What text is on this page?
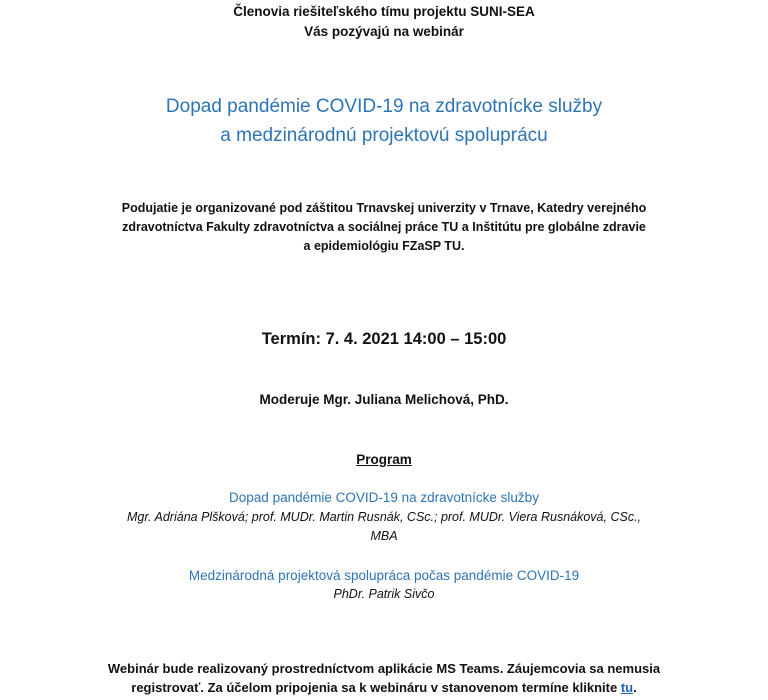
Členovia riešiteľského tímu projektu SUNI-SEA
Vás pozývajú na webinár
Dopad pandémie COVID-19 na zdravotnícke služby
a medzinárodnú projektovú spoluprácu
Podujatie je organizované pod záštitou Trnavskej univerzity v Trnave, Katedry verejného
zdravotníctva Fakulty zdravotníctva a sociálnej práce TU a Inštitútu pre globálne zdravie
a epidemiológiu FZaSP TU.
Termín: 7. 4. 2021 14:00 – 15:00
Moderuje Mgr. Juliana Melichová, PhD.
Program
Dopad pandémie COVID-19 na zdravotnícke služby
Mgr. Adriána Plšková; prof. MUDr. Martin Rusnák, CSc.; prof. MUDr. Viera Rusnáková, CSc.,
MBA
Medzinárodná projektová spolupráca počas pandémie COVID-19
PhDr. Patrik Sivčo
Webinár bude realizovaný prostredníctvom aplikácie MS Teams. Záujemcovia sa nemusia
registrovať. Za účelom pripojenia sa k webináru v stanovenom termíne kliknite tu.
